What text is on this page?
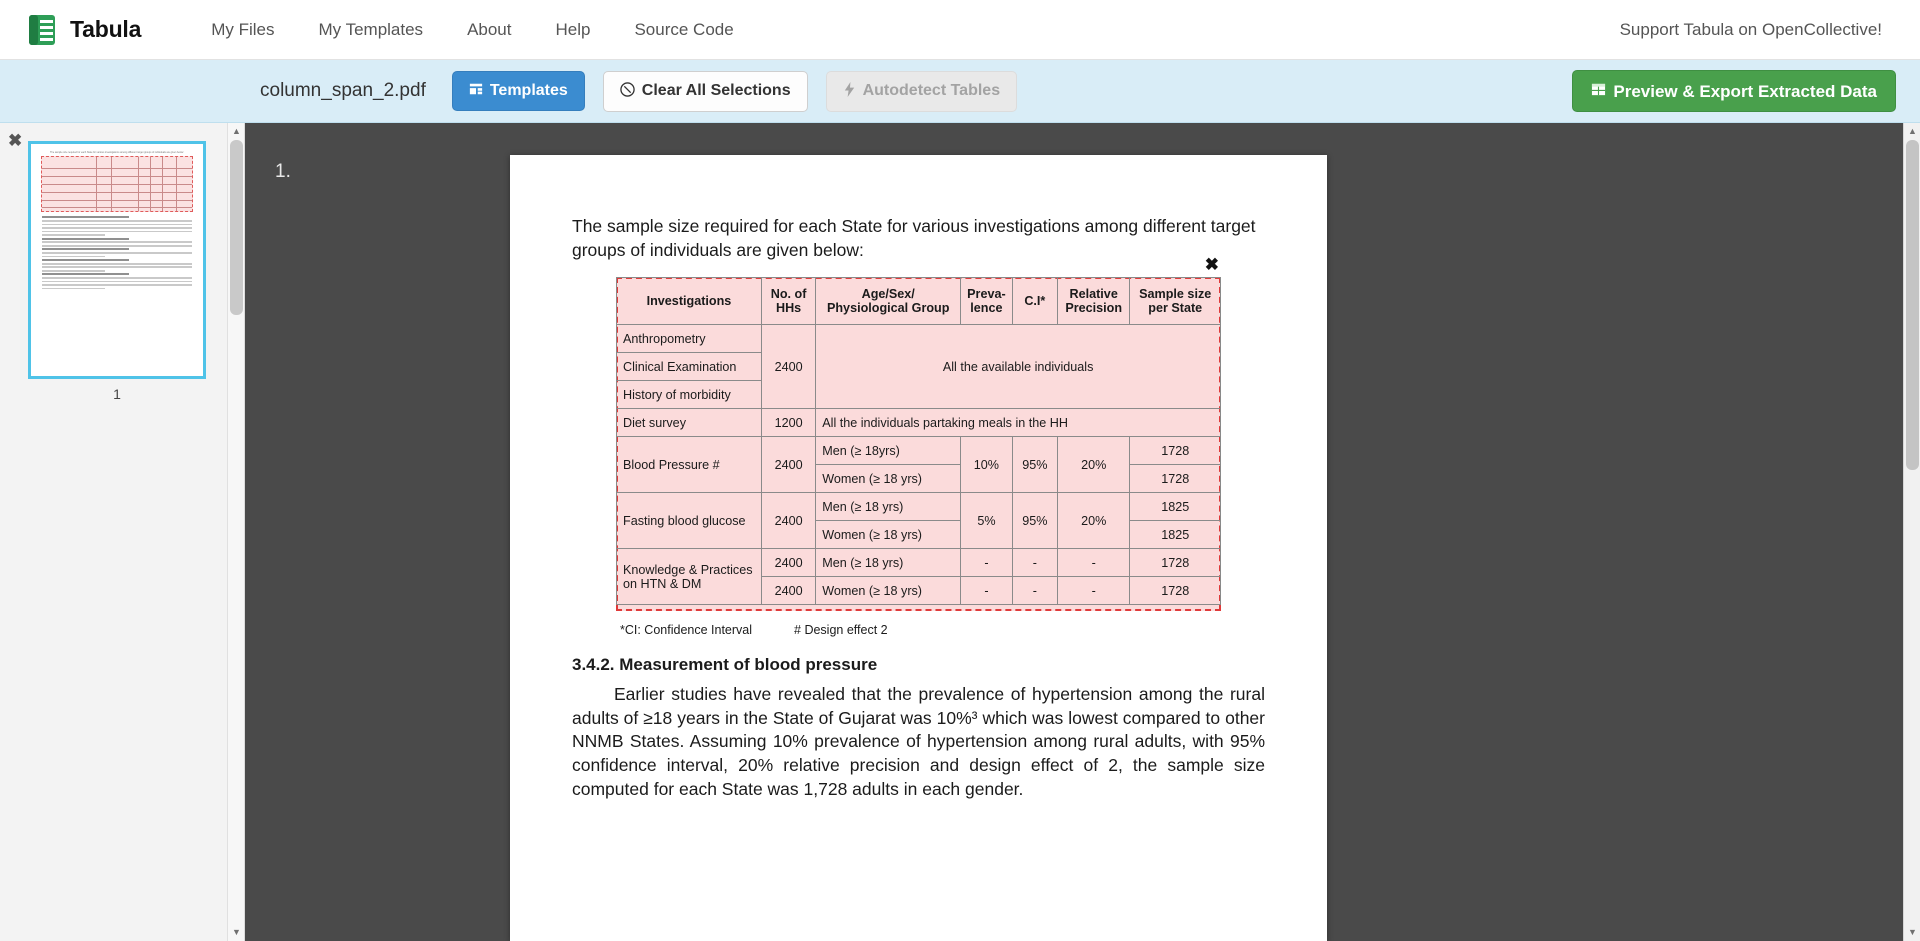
Tabula	My Files	My Templates	About	Help	Source Code	Support Tabula on OpenCollective!
column_span_2.pdf	Templates	Clear All Selections	Autodetect Tables	Preview & Export Extracted Data
✖
The sample size required for each State for various investigations among different target groups of individuals are given below:
1
▲
▼
1.
The sample size required for each State for various investigations among different target groups of individuals are given below:
✖
Investigations	No. of HHs	Age/Sex/ Physiological Group	Preva- lence	C.I*	Relative Precision	Sample size per State
Anthropometry	2400	All the available individuals				
Clinical Examination						
History of morbidity						
Diet survey	1200	All the individuals partaking meals in the HH				
Blood Pressure #	2400	Men (≥ 18yrs)	10%	95%	20%	1728
		Women (≥ 18 yrs)				1728
Fasting blood glucose	2400	Men (≥ 18 yrs)	5%	95%	20%	1825
		Women (≥ 18 yrs)				1825
Knowledge & Practices on HTN & DM	2400	Men (≥ 18 yrs)	-	-	-	1728
	2400	Women (≥ 18 yrs)	-	-	-	1728
*CI: Confidence Interval	# Design effect 2
3.4.2. Measurement of blood pressure
Earlier studies have revealed that the prevalence of hypertension among the rural adults of ≥18 years in the State of Gujarat was 10%³ which was lowest compared to other NNMB States. Assuming 10% prevalence of hypertension among rural adults, with 95% confidence interval, 20% relative precision and design effect of 2, the sample size computed for each State was 1,728 adults in each gender.
▲
▼
